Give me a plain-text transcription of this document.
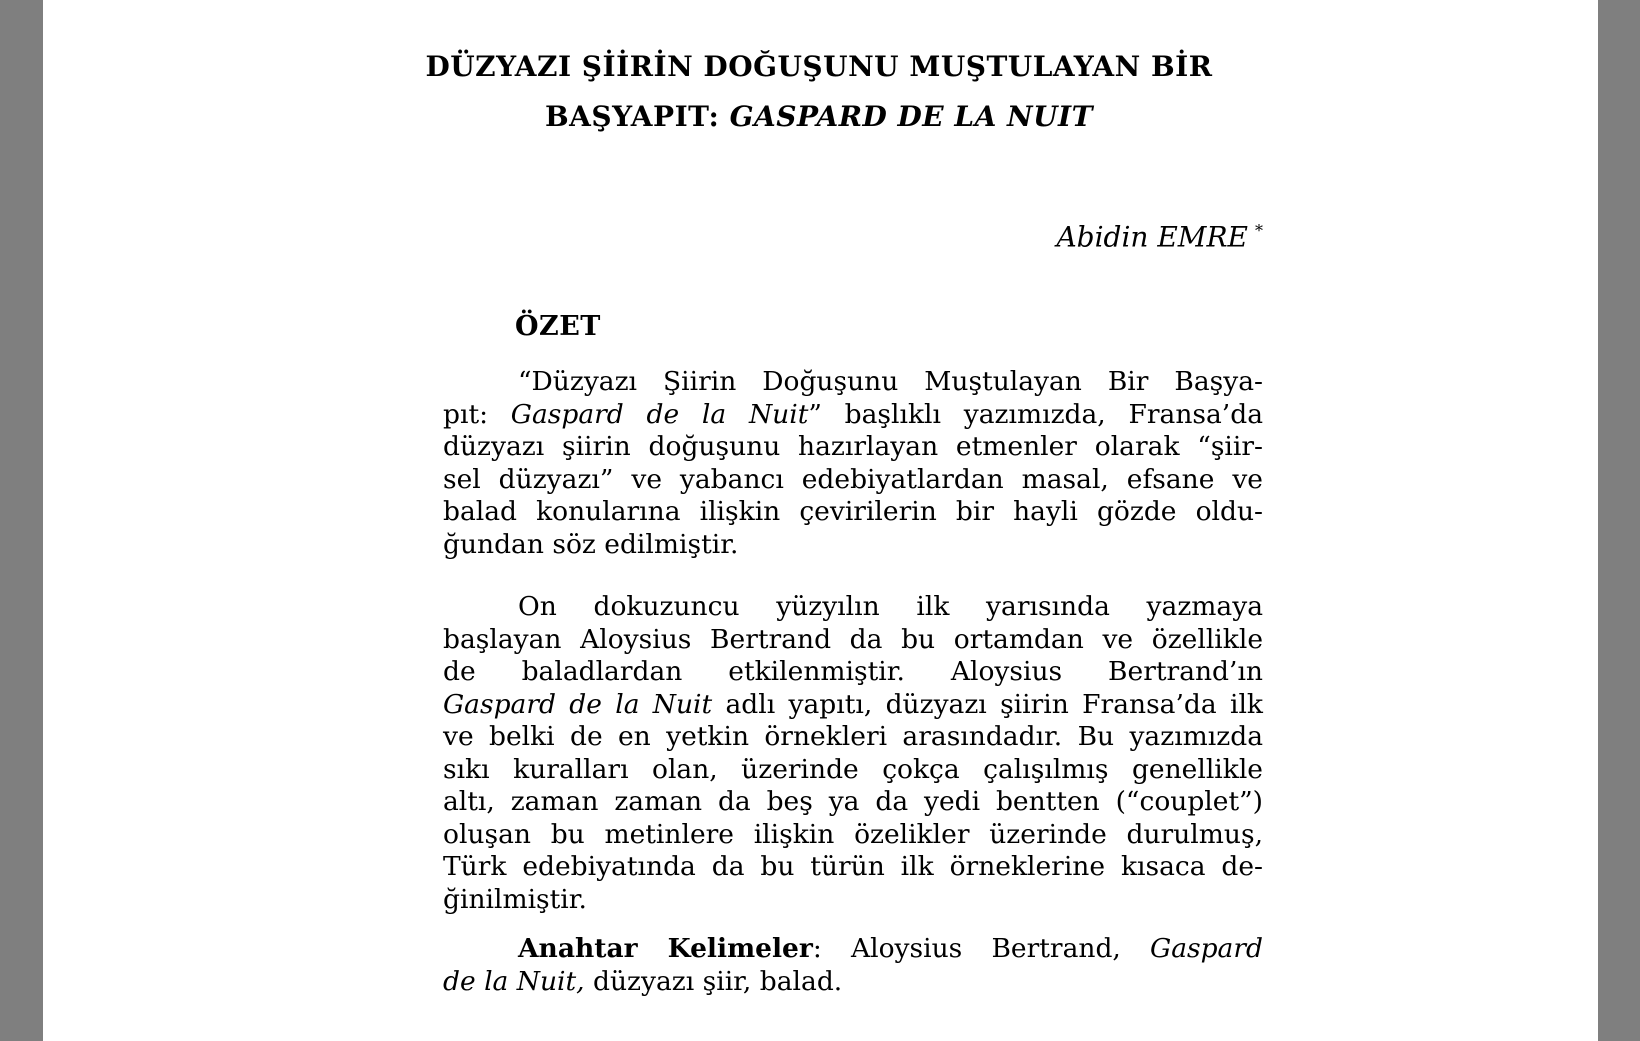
DÜZYAZI ŞİİRİN DOĞUŞUNU MUŞTULAYAN BİR
BAŞYAPIT: GASPARD DE LA NUIT
Abidin EMRE *
ÖZET
“Düzyazı Şiirin Doğuşunu Muştulayan Bir Başya-
pıt: Gaspard de la Nuit” başlıklı yazımızda, Fransa’da
düzyazı şiirin doğuşunu hazırlayan etmenler olarak “şiir-
sel düzyazı” ve yabancı edebiyatlardan masal, efsane ve
balad konularına ilişkin çevirilerin bir hayli gözde oldu-
ğundan söz edilmiştir.
On dokuzuncu yüzyılın ilk yarısında yazmaya
başlayan Aloysius Bertrand da bu ortamdan ve özellikle
de baladlardan etkilenmiştir. Aloysius Bertrand’ın
Gaspard de la Nuit adlı yapıtı, düzyazı şiirin Fransa’da ilk
ve belki de en yetkin örnekleri arasındadır. Bu yazımızda
sıkı kuralları olan, üzerinde çokça çalışılmış genellikle
altı, zaman zaman da beş ya da yedi bentten (“couplet”)
oluşan bu metinlere ilişkin özelikler üzerinde durulmuş,
Türk edebiyatında da bu türün ilk örneklerine kısaca de-
ğinilmiştir.
Anahtar Kelimeler: Aloysius Bertrand, Gaspard
de la Nuit, düzyazı şiir, balad.
